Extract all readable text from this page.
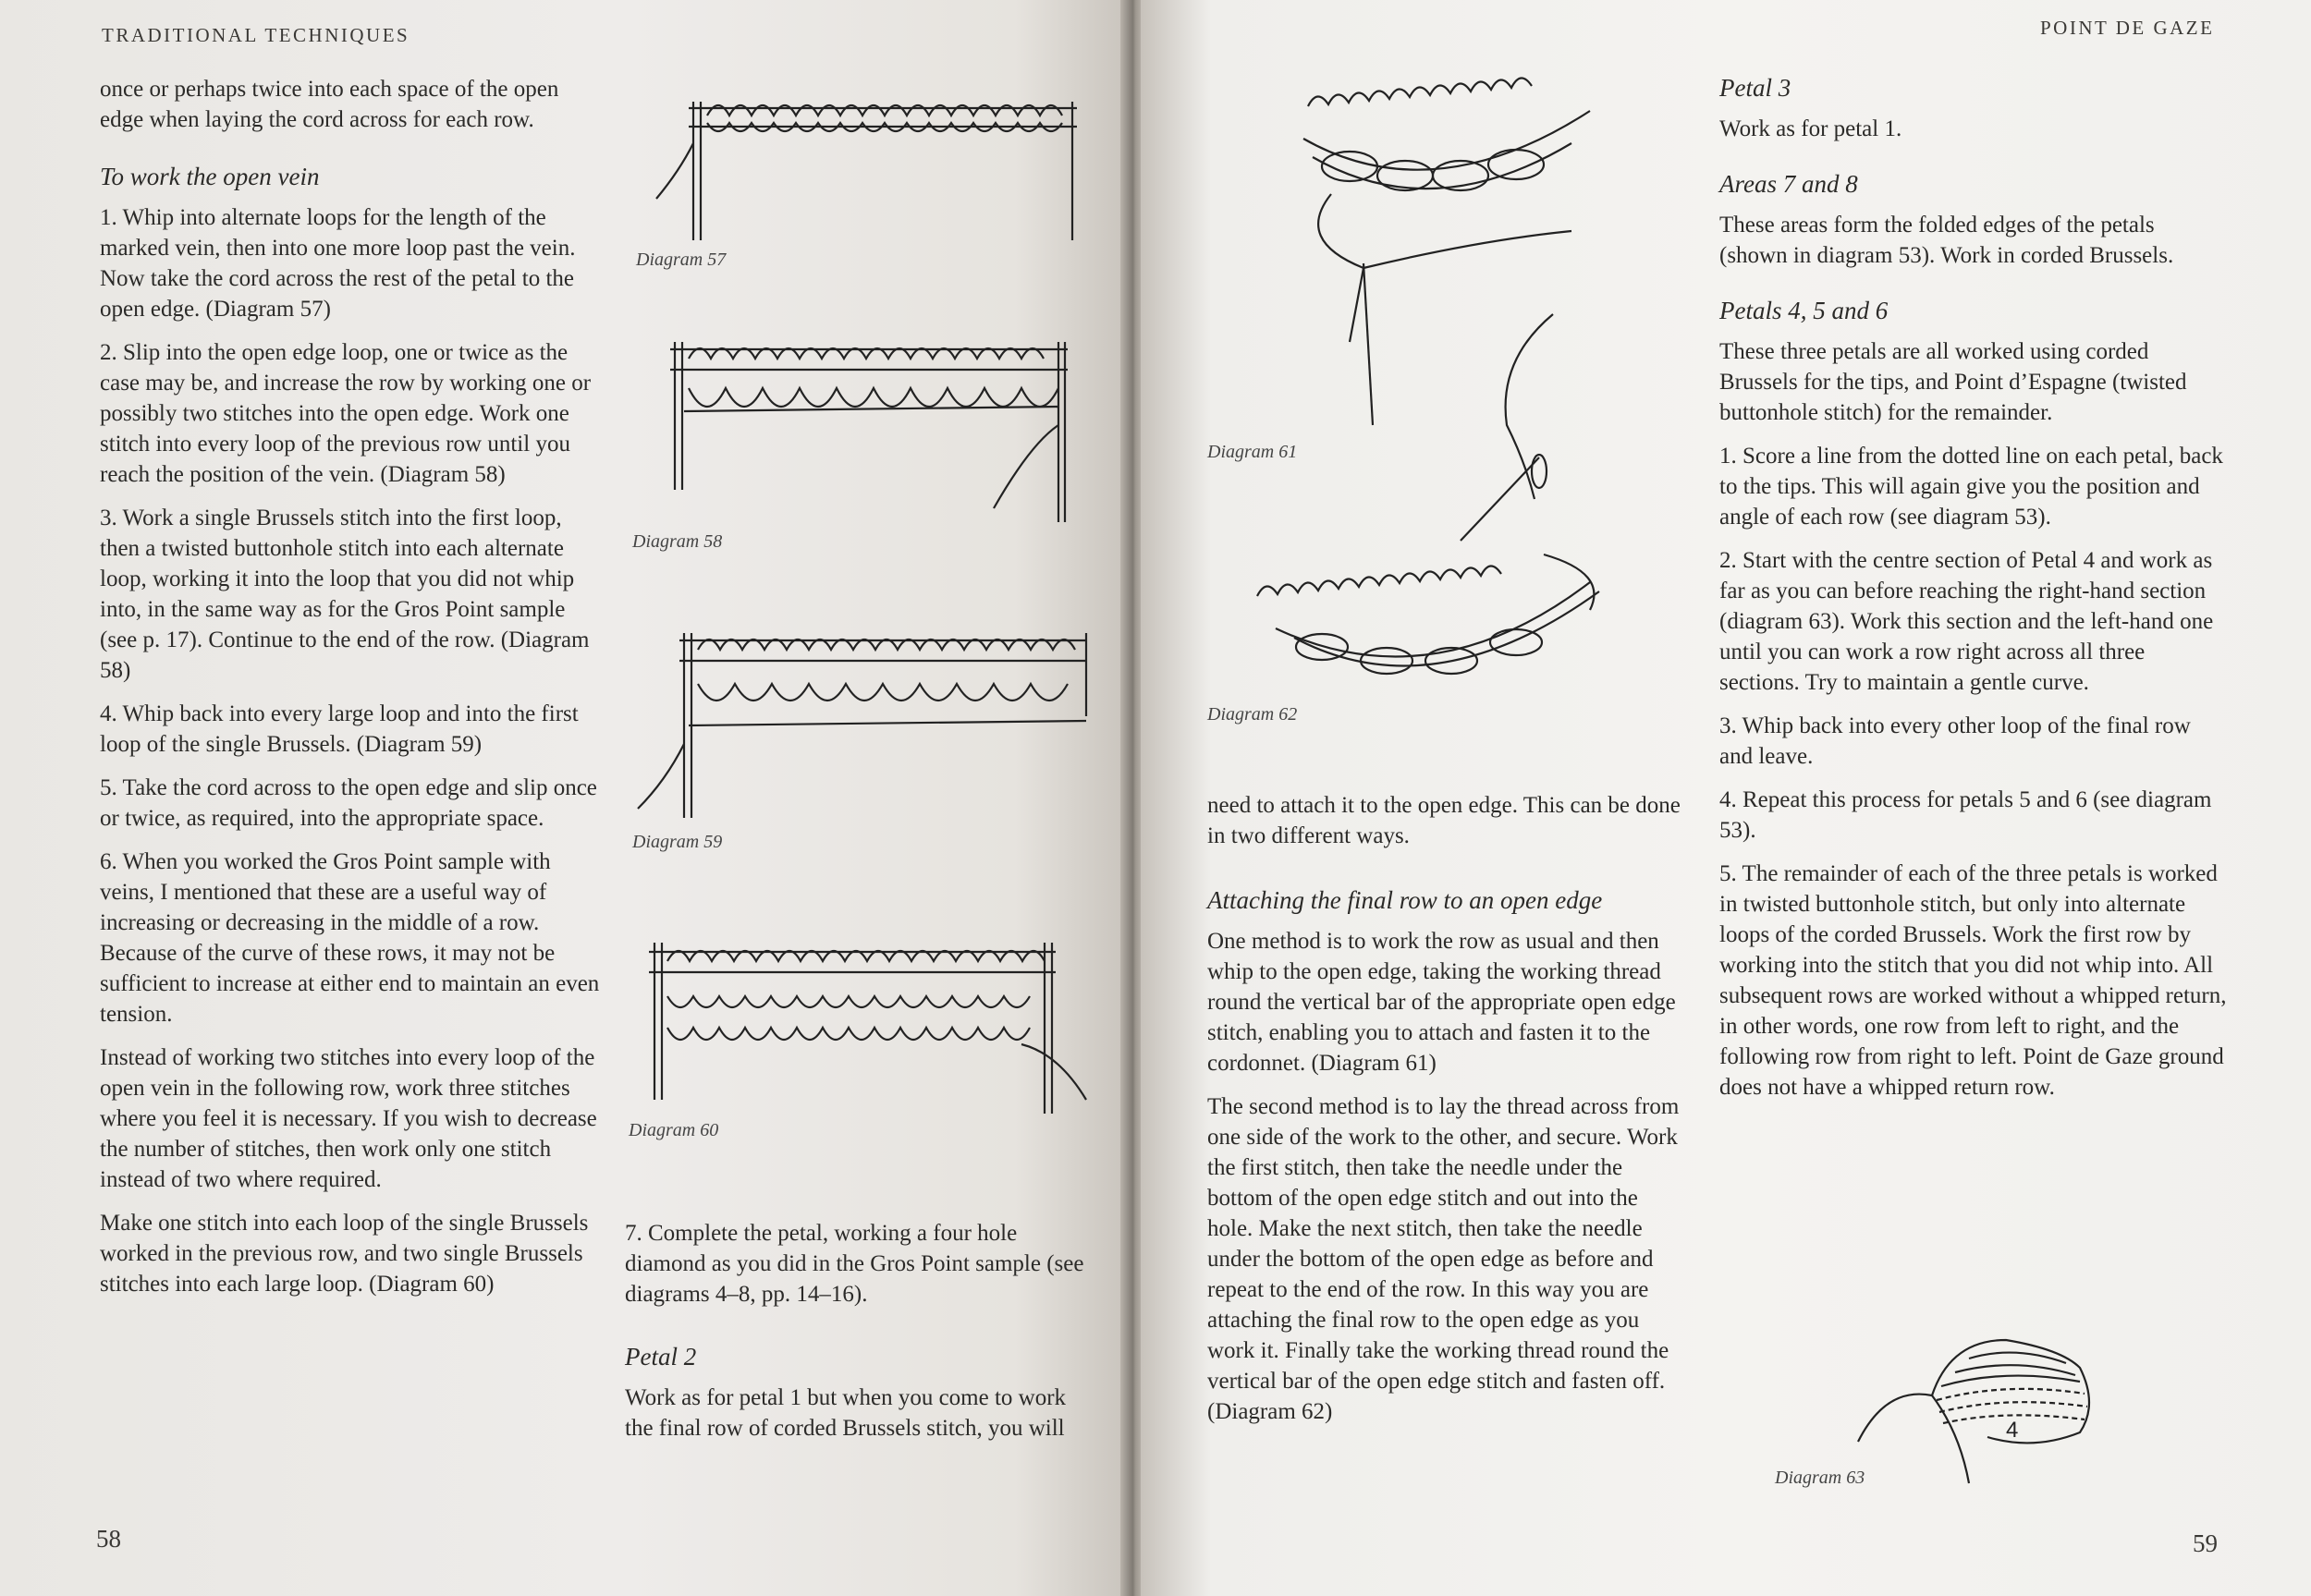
TRADITIONAL TECHNIQUES
58

once or perhaps twice into each space of the open edge when laying the cord across for each row.

To work the open vein

1. Whip into alternate loops for the length of the marked vein, then into one more loop past the vein. Now take the cord across the rest of the petal to the open edge. (Diagram 57)

2. Slip into the open edge loop, one or twice as the case may be, and increase the row by working one or possibly two stitches into the open edge. Work one stitch into every loop of the previous row until you reach the position of the vein. (Diagram 58)

3. Work a single Brussels stitch into the first loop, then a twisted buttonhole stitch into each alternate loop, working it into the loop that you did not whip into, in the same way as for the Gros Point sample (see p. 17). Continue to the end of the row. (Diagram 58)

4. Whip back into every large loop and into the first loop of the single Brussels. (Diagram 59)

5. Take the cord across to the open edge and slip once or twice, as required, into the appropriate space.

6. When you worked the Gros Point sample with veins, I mentioned that these are a useful way of increasing or decreasing in the middle of a row. Because of the curve of these rows, it may not be sufficient to increase at either end to maintain an even tension.

Instead of working two stitches into every loop of the open vein in the following row, work three stitches where you feel it is necessary. If you wish to decrease the number of stitches, then work only one stitch instead of two where required.

Make one stitch into each loop of the single Brussels worked in the previous row, and two single Brussels stitches into each large loop. (Diagram 60)

Diagram 57
Diagram 58
Diagram 59
Diagram 60

7. Complete the petal, working a four hole diamond as you did in the Gros Point sample (see diagrams 4–8, pp. 14–16).

Petal 2

Work as for petal 1 but when you come to work the final row of corded Brussels stitch, you will

POINT DE GAZE
59
Diagram 61
Diagram 62

need to attach it to the open edge. This can be done in two different ways.

Attaching the final row to an open edge

One method is to work the row as usual and then whip to the open edge, taking the working thread round the vertical bar of the appropriate open edge stitch, enabling you to attach and fasten it to the cordonnet. (Diagram 61)

The second method is to lay the thread across from one side of the work to the other, and secure. Work the first stitch, then take the needle under the bottom of the open edge stitch and out into the hole. Make the next stitch, then take the needle under the bottom of the open edge as before and repeat to the end of the row. In this way you are attaching the final row to the open edge as you work it. Finally take the working thread round the vertical bar of the open edge stitch and fasten off. (Diagram 62)

Petal 3

Work as for petal 1.

Areas 7 and 8

These areas form the folded edges of the petals (shown in diagram 53). Work in corded Brussels.

Petals 4, 5 and 6

These three petals are all worked using corded Brussels for the tips, and Point d’Espagne (twisted buttonhole stitch) for the remainder.

1. Score a line from the dotted line on each petal, back to the tips. This will again give you the position and angle of each row (see diagram 53).

2. Start with the centre section of Petal 4 and work as far as you can before reaching the right-hand section (diagram 63). Work this section and the left-hand one until you can work a row right across all three sections. Try to maintain a gentle curve.

3. Whip back into every other loop of the final row and leave.

4. Repeat this process for petals 5 and 6 (see diagram 53).

5. The remainder of each of the three petals is worked in twisted buttonhole stitch, but only into alternate loops of the corded Brussels. Work the first row by working into the stitch that you did not whip into. All subsequent rows are worked without a whipped return, in other words, one row from left to right, and the following row from right to left. Point de Gaze ground does not have a whipped return row.

4
Diagram 63
